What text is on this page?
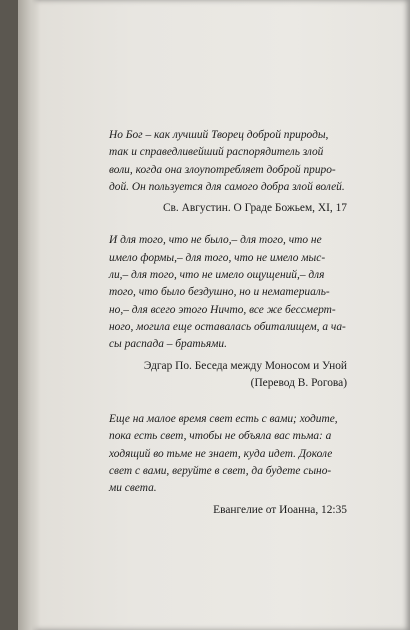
Но Бог – как лучший Творец доброй природы,
так и справедливейший распорядитель злой
воли, когда она злоупотребляет доброй приро-
дой. Он пользуется для самого добра злой волей.

Св. Августин. О Граде Божьем, XI, 17

И для того, что не было,– для того, что не
имело формы,– для того, что не имело мыс-
ли,– для того, что не имело ощущений,– для
того, что было бездушно, но и нематериаль-
но,– для всего этого Ничто, все же бессмерт-
ного, могила еще оставалась обиталищем, а ча-
сы распада – братьями.

Эдгар По. Беседа между Моносом и Уной
(Перевод В. Рогова)

Еще на малое время свет есть с вами; ходите,
пока есть свет, чтобы не объяла вас тьма: а
ходящий во тьме не знает, куда идет. Доколе
свет с вами, веруйте в свет, да будете сыно-
ми света.

Евангелие от Иоанна, 12:35
